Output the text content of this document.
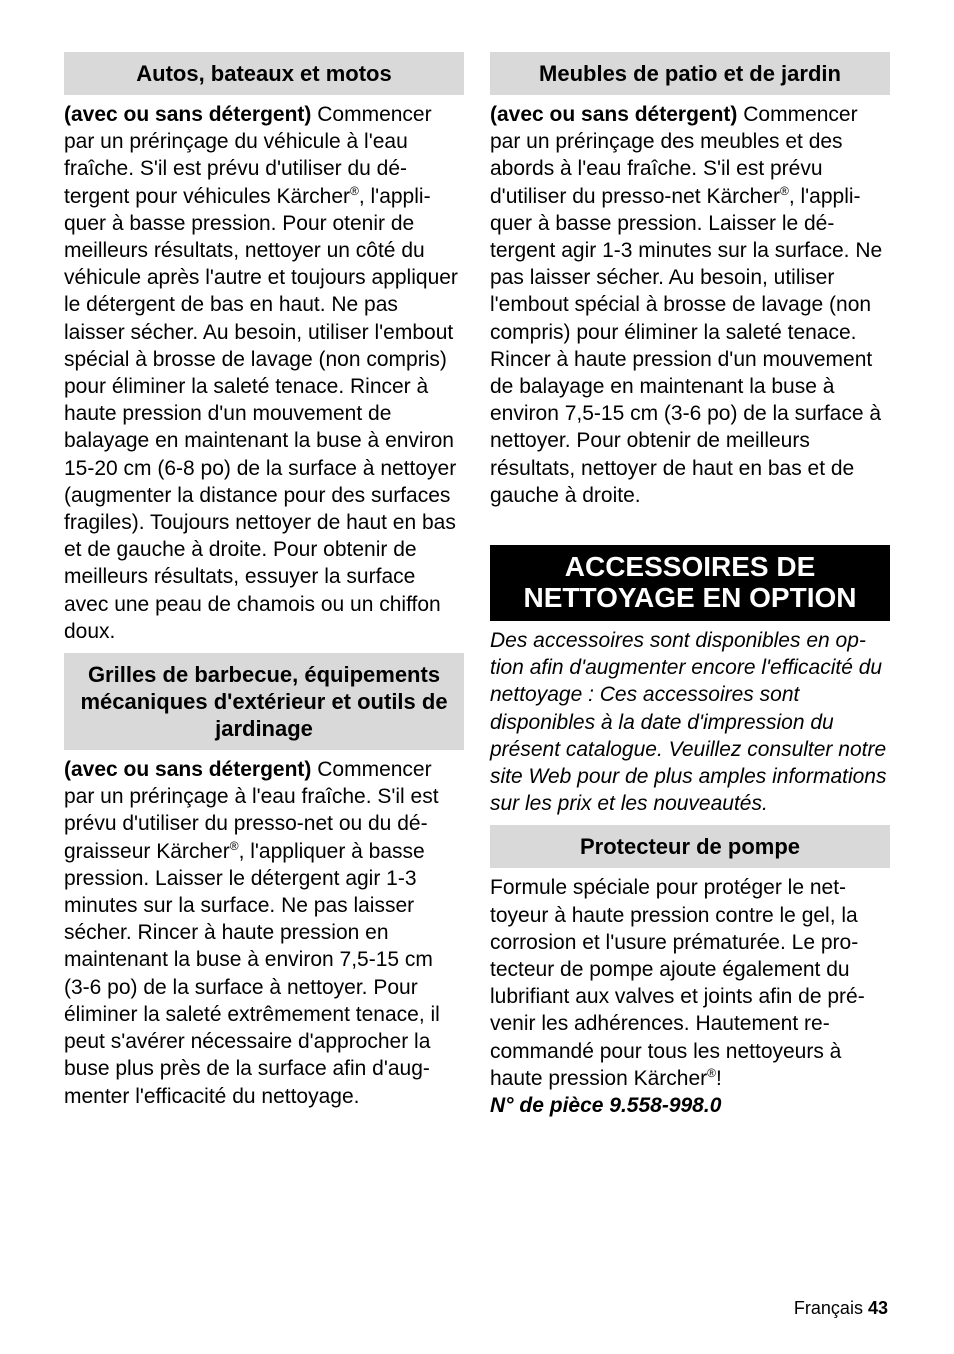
Autos, bateaux et motos

(avec ou sans détergent) Commencer par un prérinçage du véhicule à l'eau fraîche. S'il est prévu d'utiliser du détergent pour véhicules Kärcher®, l'appliquer à basse pression. Pour otenir de meilleurs résultats, nettoyer un côté du véhicule après l'autre et toujours appliquer le détergent de bas en haut. Ne pas laisser sécher. Au besoin, utiliser l'embout spécial à brosse de lavage (non compris) pour éliminer la saleté tenace. Rincer à haute pression d'un mouvement de balayage en maintenant la buse à environ 15-20 cm (6-8 po) de la surface à nettoyer (augmenter la distance pour des surfaces fragiles). Toujours nettoyer de haut en bas et de gauche à droite. Pour obtenir de meilleurs résultats, essuyer la surface avec une peau de chamois ou un chiffon doux.

Grilles de barbecue, équipements mécaniques d'extérieur et outils de jardinage

(avec ou sans détergent) Commencer par un prérinçage à l'eau fraîche. S'il est prévu d'utiliser du presso-net ou du dégraisseur Kärcher®, l'appliquer à basse pression. Laisser le détergent agir 1-3 minutes sur la surface. Ne pas laisser sécher. Rincer à haute pression en maintenant la buse à environ 7,5-15 cm (3-6 po) de la surface à nettoyer. Pour éliminer la saleté extrêmement tenace, il peut s'avérer nécessaire d'approcher la buse plus près de la surface afin d'augmenter l'efficacité du nettoyage.

Meubles de patio et de jardin

(avec ou sans détergent) Commencer par un prérinçage des meubles et des abords à l'eau fraîche. S'il est prévu d'utiliser du presso-net Kärcher®, l'appliquer à basse pression. Laisser le détergent agir 1-3 minutes sur la surface. Ne pas laisser sécher. Au besoin, utiliser l'embout spécial à brosse de lavage (non compris) pour éliminer la saleté tenace. Rincer à haute pression d'un mouvement de balayage en maintenant la buse à environ 7,5-15 cm (3-6 po) de la surface à nettoyer. Pour obtenir de meilleurs résultats, nettoyer de haut en bas et de gauche à droite.

ACCESSOIRES DE NETTOYAGE EN OPTION

Des accessoires sont disponibles en option afin d'augmenter encore l'efficacité du nettoyage : Ces accessoires sont disponibles à la date d'impression du présent catalogue. Veuillez consulter notre site Web pour de plus amples informations sur les prix et les nouveautés.

Protecteur de pompe

Formule spéciale pour protéger le nettoyeur à haute pression contre le gel, la corrosion et l'usure prématurée. Le protecteur de pompe ajoute également du lubrifiant aux valves et joints afin de prévenir les adhérences. Hautement recommandé pour tous les nettoyeurs à haute pression Kärcher®!
N° de pièce 9.558-998.0

Français 43
